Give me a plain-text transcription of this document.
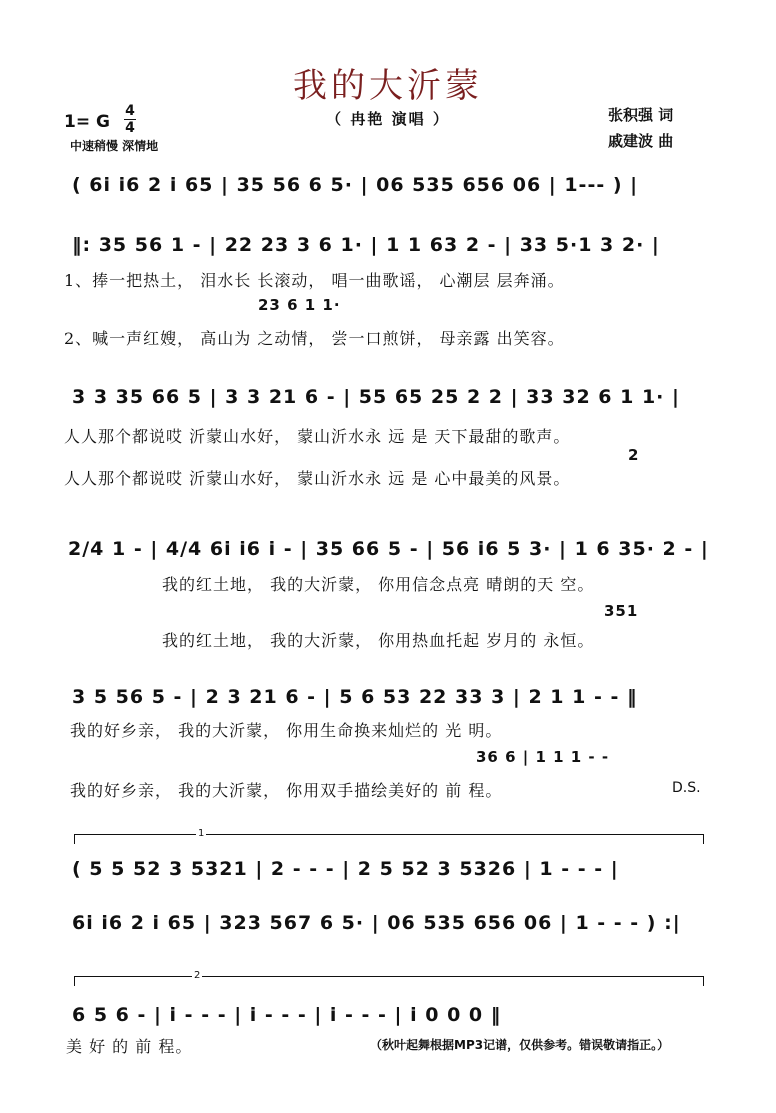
我的大沂蒙
1= G
4
4
中速稍慢 深情地
（ 冉艳 演唱 ）	张积强 词
戚建波 曲
( 6i i6 2 i 65 | 35 56 6 5· | 06 535 656 06 | 1--- ) |
‖: 35 56 1 - | 22 23 3 6 1· | 1 1 63 2 - | 33 5·1 3 2· |
1、捧一把热土， 泪水长 长滚动， 唱一曲歌谣， 心潮层 层奔涌。
23 6 1 1·
2、喊一声红嫂， 高山为 之动情， 尝一口煎饼， 母亲露 出笑容。
3 3 35 66 5 | 3 3 21 6 - | 55 65 25 2 2 | 33 32 6 1 1· |
人人那个都说哎 沂蒙山水好， 蒙山沂水永 远 是 天下最甜的歌声。
2
人人那个都说哎 沂蒙山水好， 蒙山沂水永 远 是 心中最美的风景。
2/4 1 - | 4/4 6i i6 i - | 35 66 5 - | 56 i6 5 3· | 1 6 35· 2 - |
我的红土地， 我的大沂蒙， 你用信念点亮 晴朗的天 空。
351
我的红土地， 我的大沂蒙， 你用热血托起 岁月的 永恒。
3 5 56 5 - | 2 3 21 6 - | 5 6 53 22 33 3 | 2 1 1 - - ‖
我的好乡亲， 我的大沂蒙， 你用生命换来灿烂的 光 明。
36 6 | 1 1 1 - -
我的好乡亲， 我的大沂蒙， 你用双手描绘美好的 前 程。	D.S.
1
( 5 5 52 3 5321 | 2 - - - | 2 5 52 3 5326 | 1 - - - |
6i i6 2 i 65 | 323 567 6 5· | 06 535 656 06 | 1 - - - ) :|
2
6 5 6 - | i - - - | i - - - | i - - - | i 0 0 0 ‖
美 好 的 前 程。	（秋叶起舞根据MP3记谱，仅供参考。错误敬请指正。）
